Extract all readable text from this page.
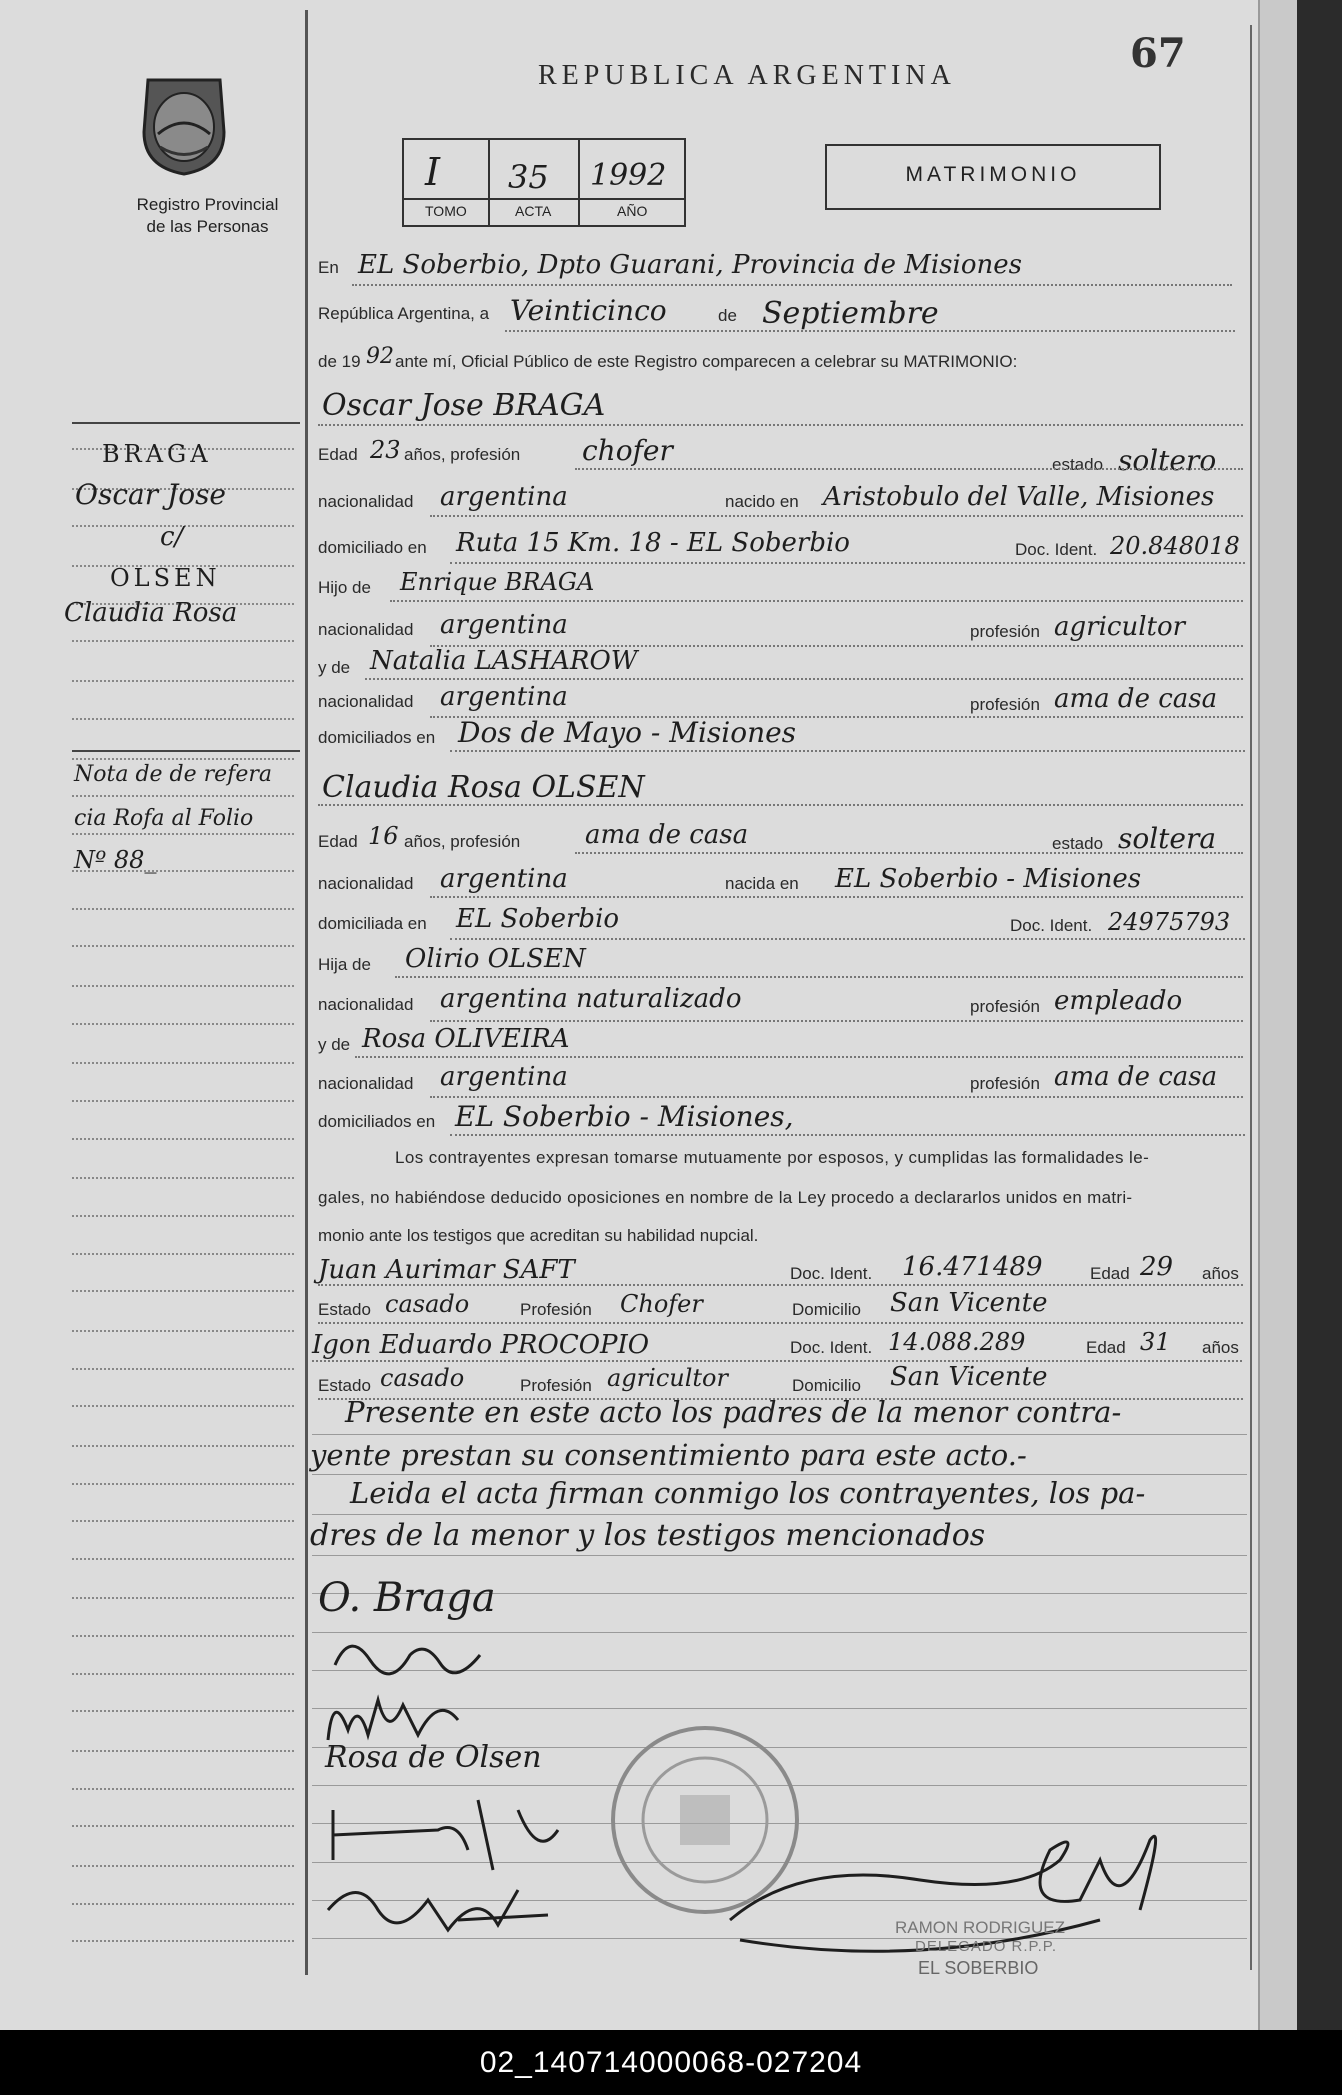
67
REPUBLICA ARGENTINA
Registro Provincial
de las Personas
I 35 1992
TOMO	ACTA	AÑO
MATRIMONIO
BRAGA
Oscar Jose
c/
OLSEN
Claudia Rosa
Nota de de refera
cia Rofa al Folio
Nº 88_
En EL Soberbio, Dpto Guarani, Provincia de Misiones
República Argentina, a Veinticinco	de Septiembre
de 19 92 ante mí, Oficial Público de este Registro comparecen a celebrar su MATRIMONIO:
Oscar Jose BRAGA
Edad 23 años, profesión chofer	estado soltero
nacionalidad argentina	nacido en Aristobulo del Valle, Misiones
domiciliado en Ruta 15 Km. 18 - EL Soberbio	Doc. Ident. 20.848018
Hijo de Enrique BRAGA
nacionalidad argentina	profesión agricultor
y de Natalia LASHAROW
nacionalidad argentina	profesión ama de casa
domiciliados en Dos de Mayo - Misiones
Claudia Rosa OLSEN
Edad 16 años, profesión ama de casa	estado soltera
nacionalidad argentina	nacida en EL Soberbio - Misiones
domiciliada en EL Soberbio	Doc. Ident. 24975793
Hija de Olirio OLSEN
nacionalidad argentina naturalizado	profesión empleado
y de Rosa OLIVEIRA
nacionalidad argentina	profesión ama de casa
domiciliados en EL Soberbio - Misiones,
Los contrayentes expresan tomarse mutuamente por esposos, y cumplidas las formalidades le-
gales, no habiéndose deducido oposiciones en nombre de la Ley procedo a declararlos unidos en matri-
monio ante los testigos que acreditan su habilidad nupcial.
Juan Aurimar SAFT	Doc. Ident. 16.471489	Edad 29 años
Estado casado	Profesión Chofer	Domicilio San Vicente
Igon Eduardo PROCOPIO	Doc. Ident. 14.088.289	Edad 31 años
Estado casado	Profesión agricultor	Domicilio San Vicente
Presente en este acto los padres de la menor contra-
yente prestan su consentimiento para este acto.-
Leida el acta firman conmigo los contrayentes, los pa-
dres de la menor y los testigos mencionados
O. Braga
Rosa de Olsen
RAMON RODRIGUEZ
DELEGADO R.P.P.
EL SOBERBIO
02_140714000068-027204
